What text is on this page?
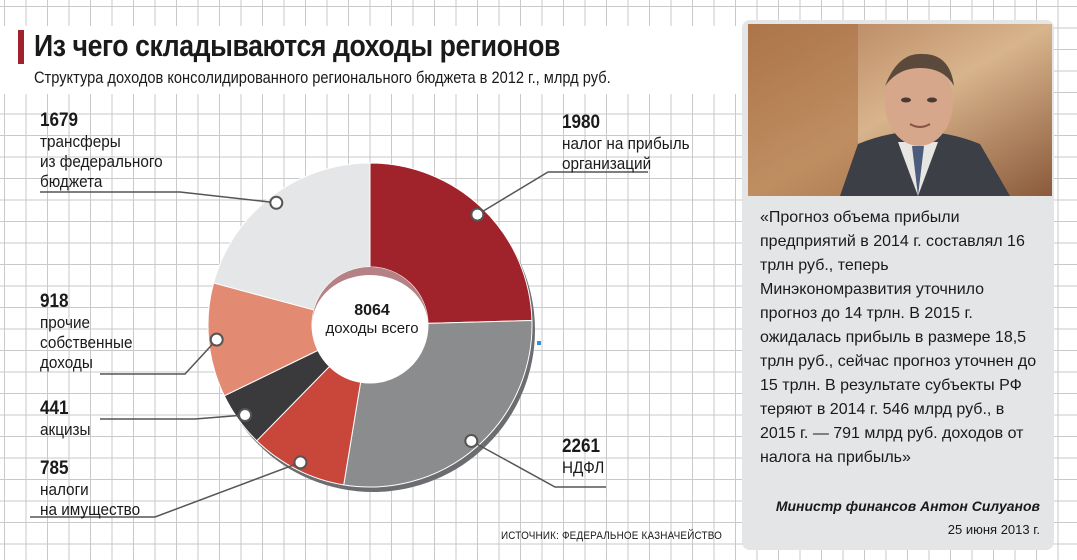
Из чего складываются доходы регионов
Структура доходов консолидированного регионального бюджета в 2012 г., млрд руб.
1980
налог на прибыль
организаций
2261
НДФЛ
785
налоги
на имущество
441
акцизы
918
прочие
собственные
доходы
1679
трансферы
из федерального
бюджета
8064
доходы всего
ИСТОЧНИК: ФЕДЕРАЛЬНОЕ КАЗНАЧЕЙСТВО
«Прогноз объема прибыли предприятий в 2014 г. составлял 16 трлн руб., теперь Минэкономразвития уточнило прогноз до 14 трлн. В 2015 г. ожидалась прибыль в размере 18,5 трлн руб., сейчас прогноз уточнен до 15 трлн. В результате субъекты РФ теряют в 2014 г. 546 млрд руб., в 2015 г. — 791 млрд руб. доходов от налога на прибыль»
Министр финансов Антон Силуанов
25 июня 2013 г.
